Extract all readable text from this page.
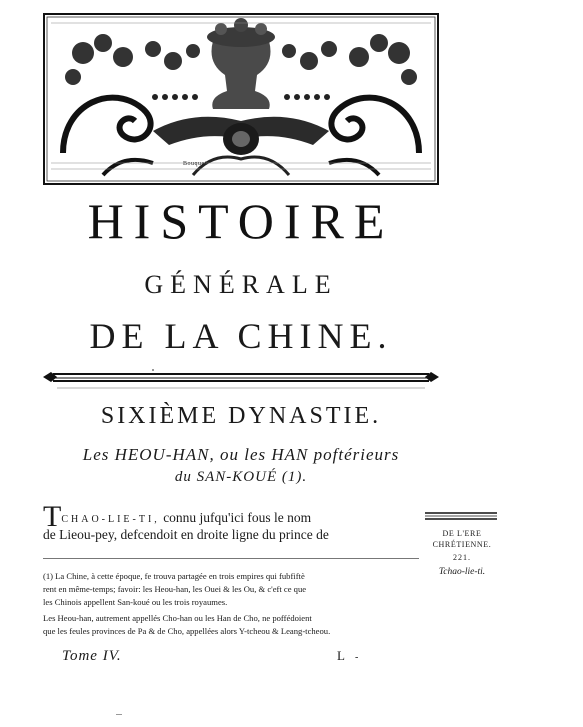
Bouquet
HISTOIRE
GÉNÉRALE
DE LA CHINE.
SIXIÈME DYNASTIE.
Les HEOU-HAN, ou les HAN poftérieurs
du SAN-KOUÉ (1).
TCHAO-LIE-TI, connu jufqu'ici fous le nom
de Lieou-pey, defcendoit en droite ligne du prince de	DE L'ERE CHRÉTIENNE.
221.
Tchao-lie-ti.
(1) La Chine, à cette époque, fe trouva partagée en trois empires qui fubfiftè
rent en même-temps; favoir: les Heou-han, les Ouei & les Ou, & c'eft ce que
les Chinois appellent San-koué ou les trois royaumes.
Les Heou-han, autrement appellés Cho-han ou les Han de Cho, ne poffédoient
que les feules provinces de Pa & de Cho, appellées alors Y-tcheou & Leang-tcheou.
Tome IV.	L -
